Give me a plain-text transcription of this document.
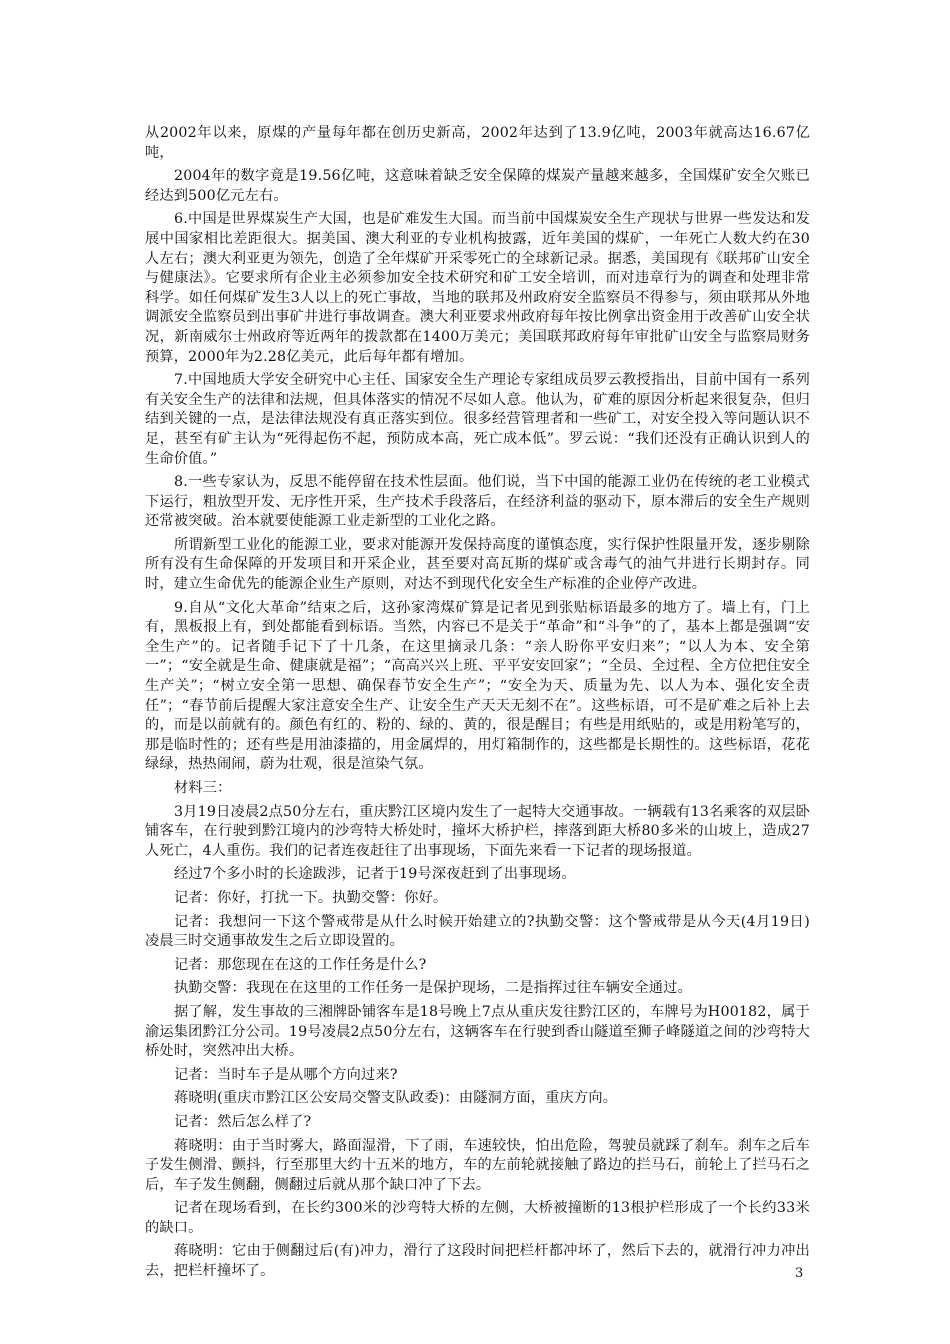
从2002年以来，原煤的产量每年都在创历史新高，2002年达到了13.9亿吨，2003年就高达16.67亿吨，

2004年的数字竟是19.56亿吨，这意味着缺乏安全保障的煤炭产量越来越多，全国煤矿安全欠账已经达到500亿元左右。

6.中国是世界煤炭生产大国，也是矿难发生大国。而当前中国煤炭安全生产现状与世界一些发达和发展中国家相比差距很大。据美国、澳大利亚的专业机构披露，近年美国的煤矿，一年死亡人数大约在30人左右；澳大利亚更为领先，创造了全年煤矿开采零死亡的全球新记录。据悉，美国现有《联邦矿山安全与健康法》。它要求所有企业主必须参加安全技术研究和矿工安全培训，而对违章行为的调查和处理非常科学。如任何煤矿发生3人以上的死亡事故，当地的联邦及州政府安全监察员不得参与，须由联邦从外地调派安全监察员到出事矿井进行事故调查。澳大利亚要求州政府每年按比例拿出资金用于改善矿山安全状况，新南威尔士州政府等近两年的拨款都在1400万美元；美国联邦政府每年审批矿山安全与监察局财务预算，2000年为2.28亿美元，此后每年都有增加。

7.中国地质大学安全研究中心主任、国家安全生产理论专家组成员罗云教授指出，目前中国有一系列有关安全生产的法律和法规，但具体落实的情况不尽如人意。他认为，矿难的原因分析起来很复杂，但归结到关键的一点，是法律法规没有真正落实到位。很多经营管理者和一些矿工，对安全投入等问题认识不足，甚至有矿主认为“死得起伤不起，预防成本高，死亡成本低”。罗云说：“我们还没有正确认识到人的生命价值。”

8.一些专家认为，反思不能停留在技术性层面。他们说，当下中国的能源工业仍在传统的老工业模式下运行，粗放型开发、无序性开采，生产技术手段落后，在经济利益的驱动下，原本滞后的安全生产规则还常被突破。治本就要使能源工业走新型的工业化之路。

所谓新型工业化的能源工业，要求对能源开发保持高度的谨慎态度，实行保护性限量开发，逐步剔除所有没有生命保障的开发项目和开采企业，甚至要对高瓦斯的煤矿或含毒气的油气井进行长期封存。同时，建立生命优先的能源企业生产原则，对达不到现代化安全生产标准的企业停产改进。

9.自从“文化大革命”结束之后，这孙家湾煤矿算是记者见到张贴标语最多的地方了。墙上有，门上有，黑板报上有，到处都能看到标语。当然，内容已不是关于“革命”和“斗争”的了，基本上都是强调“安全生产”的。记者随手记下了十几条，在这里摘录几条：“亲人盼你平安归来”；“以人为本、安全第一”；“安全就是生命、健康就是福”；“高高兴兴上班、平平安安回家”；“全员、全过程、全方位把住安全生产关”；“树立安全第一思想、确保春节安全生产”；“安全为天、质量为先、以人为本、强化安全责任”；“春节前后提醒大家注意安全生产、让安全生产天天无刻不在”。这些标语，可不是矿难之后补上去的，而是以前就有的。颜色有红的、粉的、绿的、黄的，很是醒目；有些是用纸贴的，或是用粉笔写的，那是临时性的；还有些是用油漆描的，用金属焊的，用灯箱制作的，这些都是长期性的。这些标语，花花绿绿，热热闹闹，蔚为壮观，很是渲染气氛。

材料三：

3月19日凌晨2点50分左右，重庆黔江区境内发生了一起特大交通事故。一辆载有13名乘客的双层卧铺客车，在行驶到黔江境内的沙弯特大桥处时，撞坏大桥护栏，摔落到距大桥80多米的山坡上，造成27人死亡，4人重伤。我们的记者连夜赶往了出事现场，下面先来看一下记者的现场报道。

经过7个多小时的长途跋涉，记者于19号深夜赶到了出事现场。

记者：你好，打扰一下。执勤交警：你好。

记者：我想问一下这个警戒带是从什么时候开始建立的?执勤交警：这个警戒带是从今天(4月19日)凌晨三时交通事故发生之后立即设置的。

记者：那您现在在这的工作任务是什么?

执勤交警：我现在在这里的工作任务一是保护现场，二是指挥过往车辆安全通过。

据了解，发生事故的三湘牌卧铺客车是18号晚上7点从重庆发往黔江区的，车牌号为H00182，属于渝运集团黔江分公司。19号凌晨2点50分左右，这辆客车在行驶到香山隧道至狮子峰隧道之间的沙弯特大桥处时，突然冲出大桥。

记者：当时车子是从哪个方向过来?

蒋晓明(重庆市黔江区公安局交警支队政委)：由隧洞方面，重庆方向。

记者：然后怎么样了?

蒋晓明：由于当时雾大，路面湿滑，下了雨，车速较快，怕出危险，驾驶员就踩了刹车。刹车之后车子发生侧滑、颤抖，行至那里大约十五米的地方，车的左前轮就接触了路边的拦马石，前轮上了拦马石之后，车子发生侧翻，侧翻过后就从那个缺口冲了下去。

记者在现场看到，在长约300米的沙弯特大桥的左侧，大桥被撞断的13根护栏形成了一个长约33米的缺口。

蒋晓明：它由于侧翻过后(有)冲力，滑行了这段时间把栏杆都冲坏了，然后下去的，就滑行冲力冲出去，把栏杆撞坏了。	3
